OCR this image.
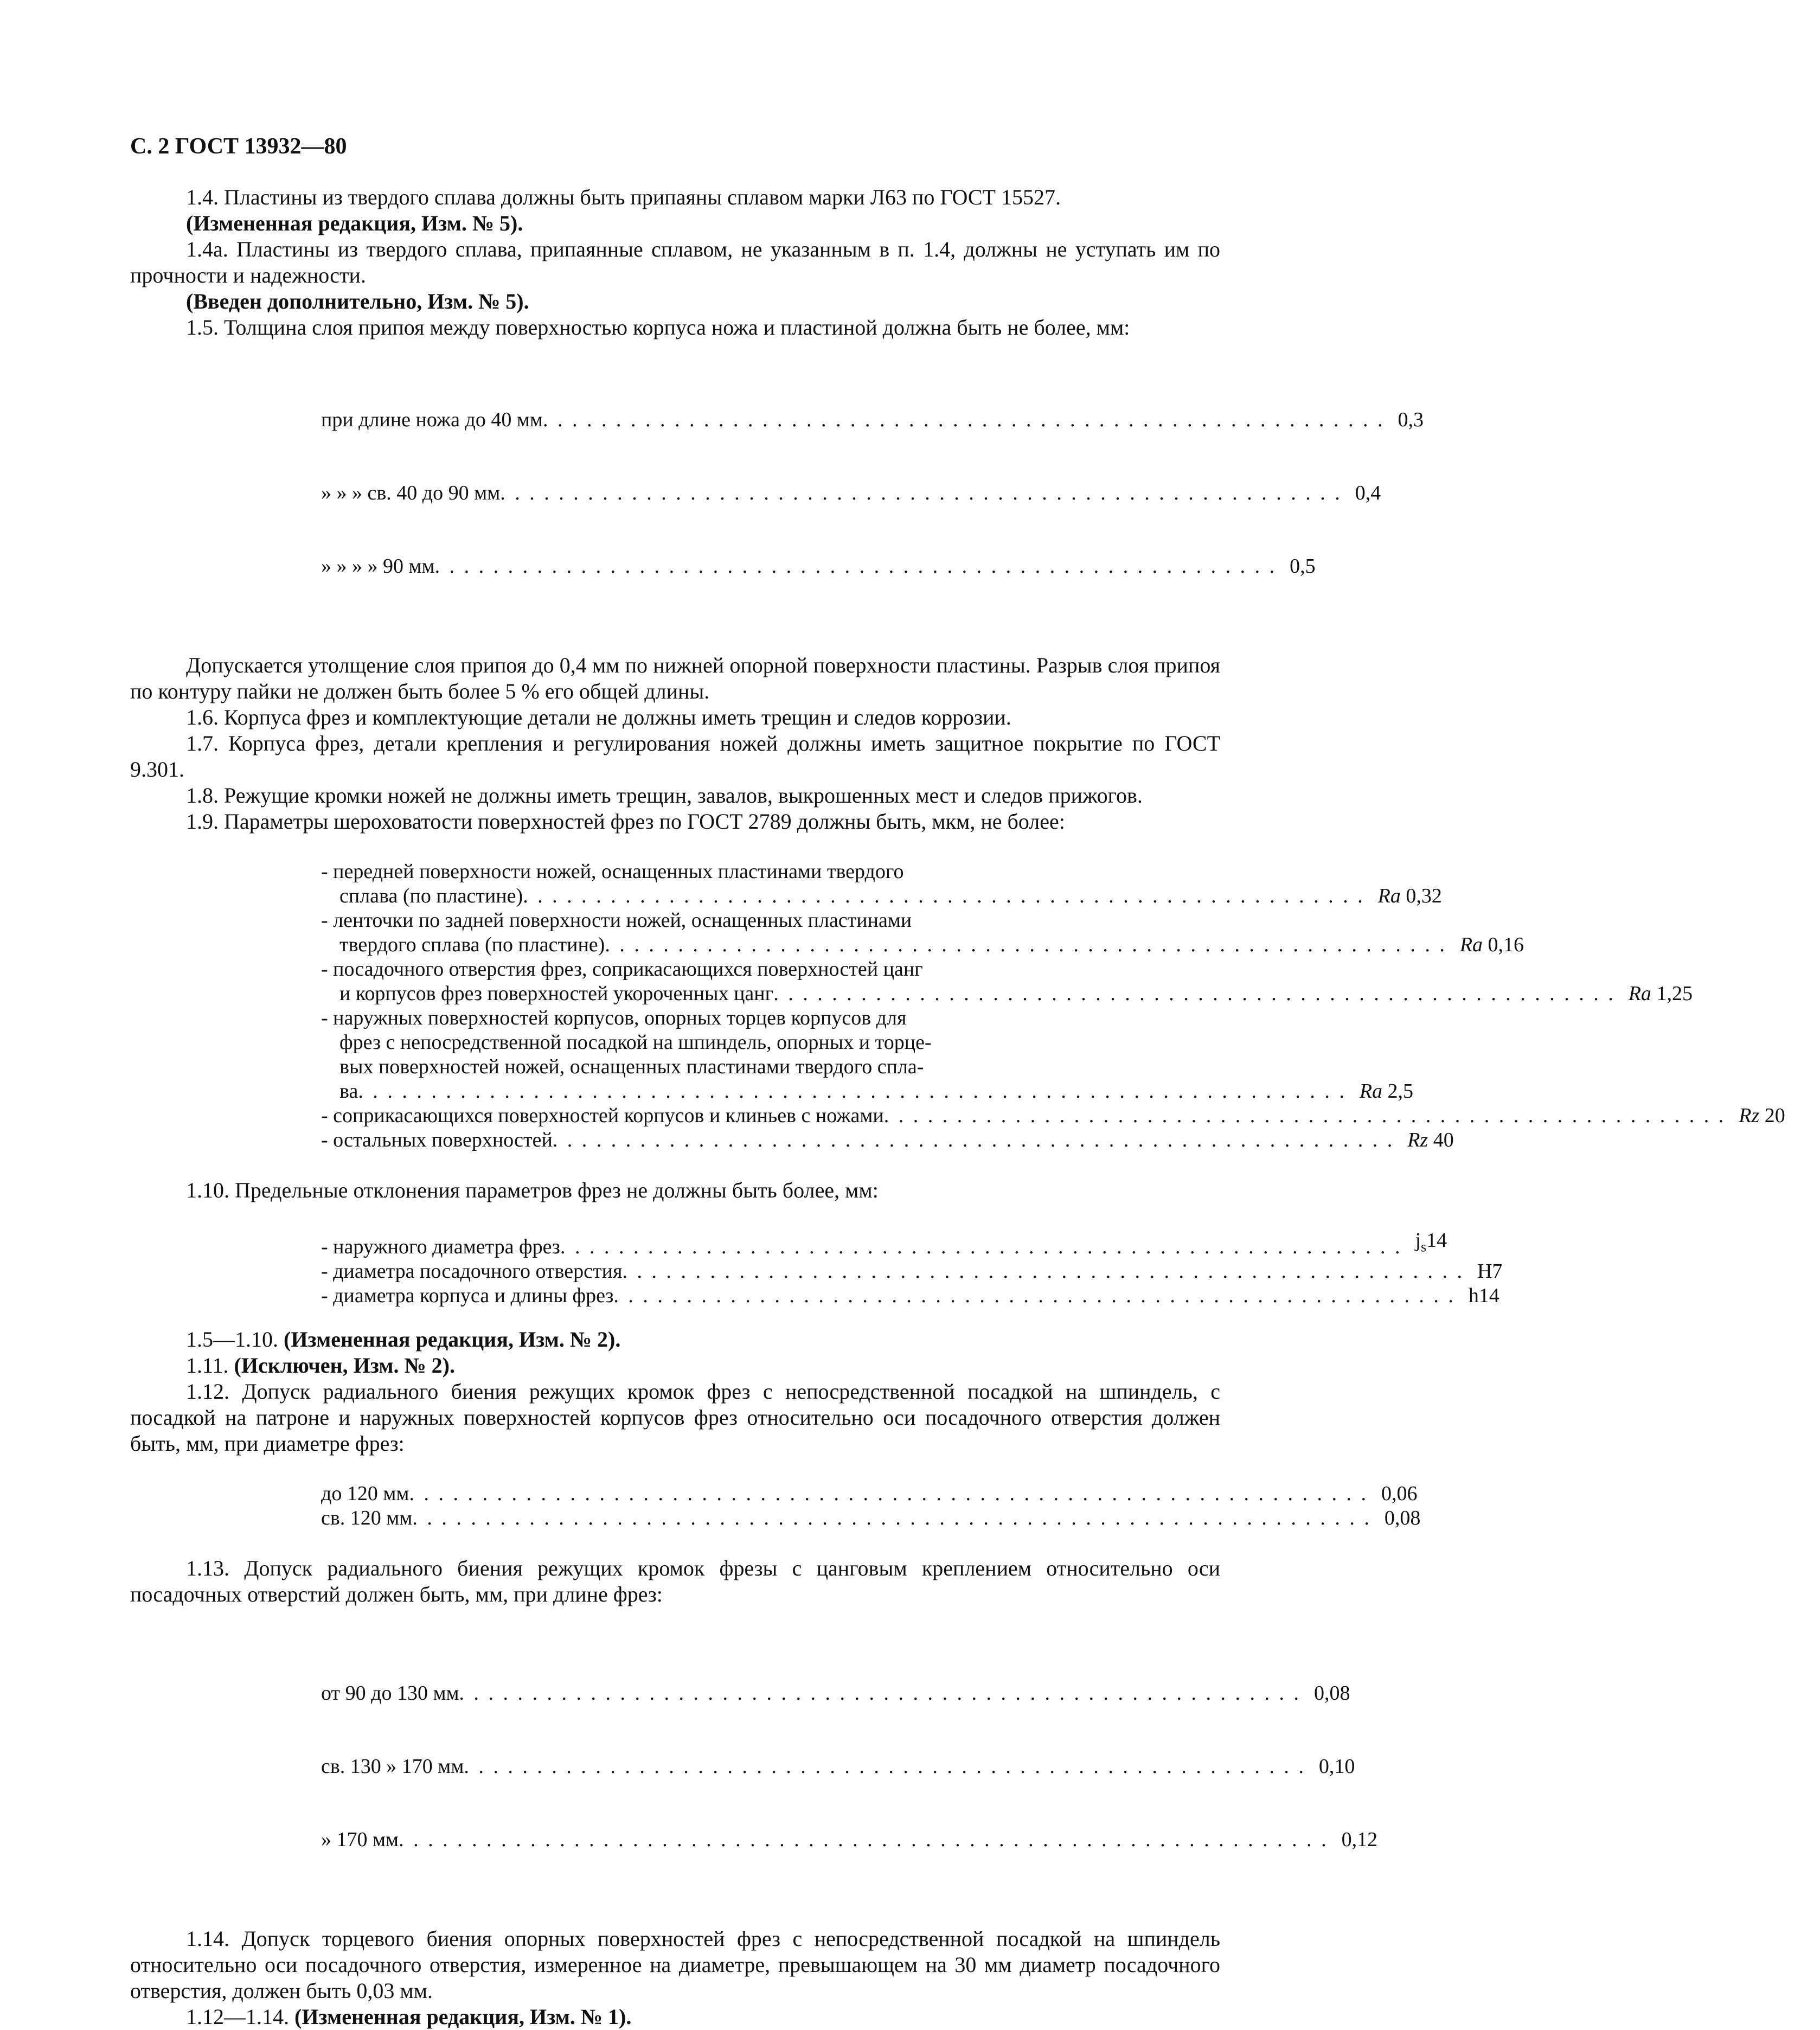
С. 2 ГОСТ 13932—80

1.4. Пластины из твердого сплава должны быть припаяны сплавом марки Л63 по ГОСТ 15527.

(Измененная редакция, Изм. № 5).

1.4а. Пластины из твердого сплава, припаянные сплавом, не указанным в п. 1.4, должны не уступать им по прочности и надежности.

(Введен дополнительно, Изм. № 5).

1.5. Толщина слоя припоя между поверхностью корпуса ножа и пластиной должна быть не более, мм:

при длине ножа до 40 мм . . . . . . . . . . . . . . . . . . . . . . . . . . . . . . . . . . . . . . . . . . . . . . . . . . . . . . . . . . 0,3

» » » св. 40 до 90 мм . . . . . . . . . . . . . . . . . . . . . . . . . . . . . . . . . . . . . . . . . . . . . . . . . . . . . . . . . . 0,4

» » » » 90 мм . . . . . . . . . . . . . . . . . . . . . . . . . . . . . . . . . . . . . . . . . . . . . . . . . . . . . . . . . . 0,5

Допускается утолщение слоя припоя до 0,4 мм по нижней опорной поверхности пластины. Разрыв слоя припоя по контуру пайки не должен быть более 5 % его общей длины.

1.6. Корпуса фрез и комплектующие детали не должны иметь трещин и следов коррозии.

1.7. Корпуса фрез, детали крепления и регулирования ножей должны иметь защитное покрытие по ГОСТ 9.301.

1.8. Режущие кромки ножей не должны иметь трещин, завалов, выкрошенных мест и следов прижогов.

1.9. Параметры шероховатости поверхностей фрез по ГОСТ 2789 должны быть, мкм, не более:

- передней поверхности ножей, оснащенных пластинами твердого
сплава (по пластине) . . . . . . . . . . . . . . . . . . . . . . . . . . . . . . . . . . . . . . . . . . . . . . . . . . . . . . . . . . Ra 0,32
- ленточки по задней поверхности ножей, оснащенных пластинами
твердого сплава (по пластине) . . . . . . . . . . . . . . . . . . . . . . . . . . . . . . . . . . . . . . . . . . . . . . . . . . . . . . . . . . Ra 0,16
- посадочного отверстия фрез, соприкасающихся поверхностей цанг
и корпусов фрез поверхностей укороченных цанг . . . . . . . . . . . . . . . . . . . . . . . . . . . . . . . . . . . . . . . . . . . . . . . . . . . . . . . . . . Ra 1,25
- наружных поверхностей корпусов, опорных торцев корпусов для
фрез с непосредственной посадкой на шпиндель, опорных и торце-
вых поверхностей ножей, оснащенных пластинами твердого спла-
ва . . . . . . . . . . . . . . . . . . . . . . . . . . . . . . . . . . . . . . . . . . . . . . . . . . . . . . . . . . . . . . . . . . . . Ra 2,5
- соприкасающихся поверхностей корпусов и клиньев с ножами . . . . . . . . . . . . . . . . . . . . . . . . . . . . . . . . . . . . . . . . . . . . . . . . . . . . . . . . . . Rz 20
- остальных поверхностей . . . . . . . . . . . . . . . . . . . . . . . . . . . . . . . . . . . . . . . . . . . . . . . . . . . . . . . . . . Rz 40

1.10. Предельные отклонения параметров фрез не должны быть более, мм:

- наружного диаметра фрез . . . . . . . . . . . . . . . . . . . . . . . . . . . . . . . . . . . . . . . . . . . . . . . . . . . . . . . . . . $j_s14$
- диаметра посадочного отверстия . . . . . . . . . . . . . . . . . . . . . . . . . . . . . . . . . . . . . . . . . . . . . . . . . . . . . . . . . . H7
- диаметра корпуса и длины фрез . . . . . . . . . . . . . . . . . . . . . . . . . . . . . . . . . . . . . . . . . . . . . . . . . . . . . . . . . . h14

1.5—1.10. (Измененная редакция, Изм. № 2).

1.11. (Исключен, Изм. № 2).

1.12. Допуск радиального биения режущих кромок фрез с непосредственной посадкой на шпиндель, с посадкой на патроне и наружных поверхностей корпусов фрез относительно оси посадочного отверстия должен быть, мм, при диаметре фрез:

до 120 мм . . . . . . . . . . . . . . . . . . . . . . . . . . . . . . . . . . . . . . . . . . . . . . . . . . . . . . . . . . . . . . . . . . 0,06
св. 120 мм . . . . . . . . . . . . . . . . . . . . . . . . . . . . . . . . . . . . . . . . . . . . . . . . . . . . . . . . . . . . . . . . . . 0,08

1.13. Допуск радиального биения режущих кромок фрезы с цанговым креплением относительно оси посадочных отверстий должен быть, мм, при длине фрез:

от 90 до 130 мм . . . . . . . . . . . . . . . . . . . . . . . . . . . . . . . . . . . . . . . . . . . . . . . . . . . . . . . . . . 0,08

св. 130 » 170 мм . . . . . . . . . . . . . . . . . . . . . . . . . . . . . . . . . . . . . . . . . . . . . . . . . . . . . . . . . . 0,10

» 170 мм . . . . . . . . . . . . . . . . . . . . . . . . . . . . . . . . . . . . . . . . . . . . . . . . . . . . . . . . . . . . . . . . 0,12

1.14. Допуск торцевого биения опорных поверхностей фрез с непосредственной посадкой на шпиндель относительно оси посадочного отверстия, измеренное на диаметре, превышающем на 30 мм диаметр посадочного отверстия, должен быть 0,03 мм.

1.12—1.14. (Измененная редакция, Изм. № 1).
